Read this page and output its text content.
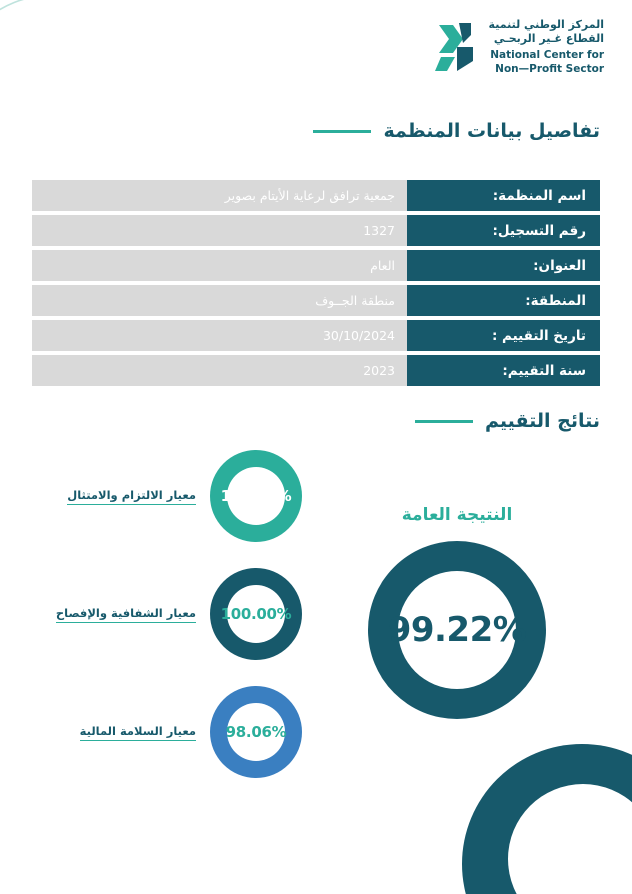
المركز الوطني لتنمية
القطاع غـير الربحـي
National Center for
Non—Profit Sector
تفاصيل بيانات المنظمة
اسم المنظمة:
جمعية ترافق لرعاية الأيتام بصوير
رقم التسجيل:
1327
العنوان:
العام
المنطقة:
منطقة الجــوف
تاريخ التقييم :
30/10/2024
سنة التقييم:
2023
نتائج التقييم
100.00%
معيار الالتزام والامتثال
100.00%
معيار الشفافية والإفصاح
98.06%
معيار السلامة المالية
النتيجة العامة
99.22%
